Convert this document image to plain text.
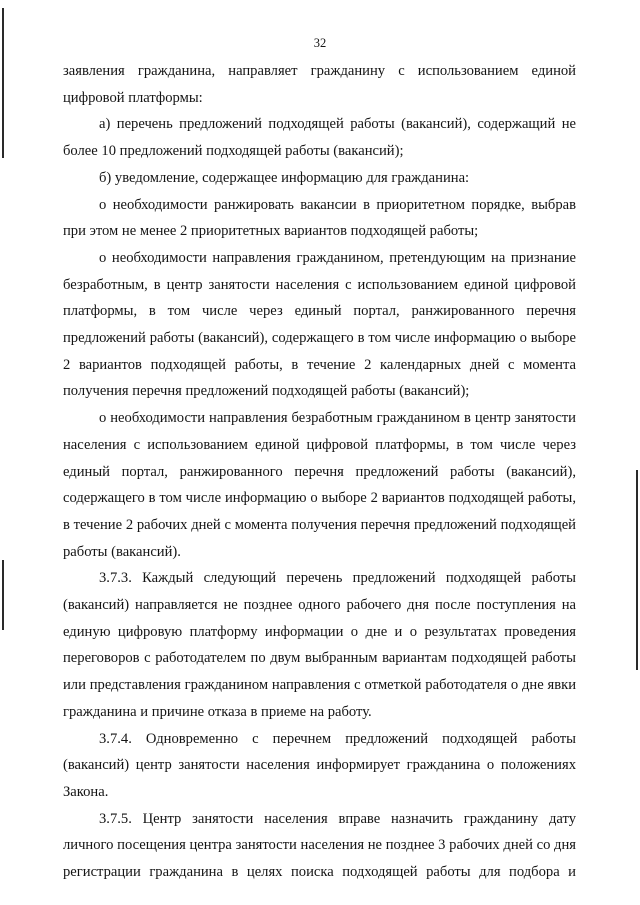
32

заявления гражданина, направляет гражданину с использованием единой цифровой платформы:

а) перечень предложений подходящей работы (вакансий), содержащий не более 10 предложений подходящей работы (вакансий);

б) уведомление, содержащее информацию для гражданина:

о необходимости ранжировать вакансии в приоритетном порядке, выбрав при этом не менее 2 приоритетных вариантов подходящей работы;

о необходимости направления гражданином, претендующим на признание безработным, в центр занятости населения с использованием единой цифровой платформы, в том числе через единый портал, ранжированного перечня предложений работы (вакансий), содержащего в том числе информацию о выборе 2 вариантов подходящей работы, в течение 2 календарных дней с момента получения перечня предложений подходящей работы (вакансий);

о необходимости направления безработным гражданином в центр занятости населения с использованием единой цифровой платформы, в том числе через единый портал, ранжированного перечня предложений работы (вакансий), содержащего в том числе информацию о выборе 2 вариантов подходящей работы, в течение 2 рабочих дней с момента получения перечня предложений подходящей работы (вакансий).

3.7.3. Каждый следующий перечень предложений подходящей работы (вакансий) направляется не позднее одного рабочего дня после поступления на единую цифровую платформу информации о дне и о результатах проведения переговоров с работодателем по двум выбранным вариантам подходящей работы или представления гражданином направления с отметкой работодателя о дне явки гражданина и причине отказа в приеме на работу.

3.7.4. Одновременно с перечнем предложений подходящей работы (вакансий) центр занятости населения информирует гражданина о положениях Закона.

3.7.5. Центр занятости населения вправе назначить гражданину дату личного посещения центра занятости населения не позднее 3 рабочих дней со дня регистрации гражданина в целях поиска подходящей работы для подбора и
